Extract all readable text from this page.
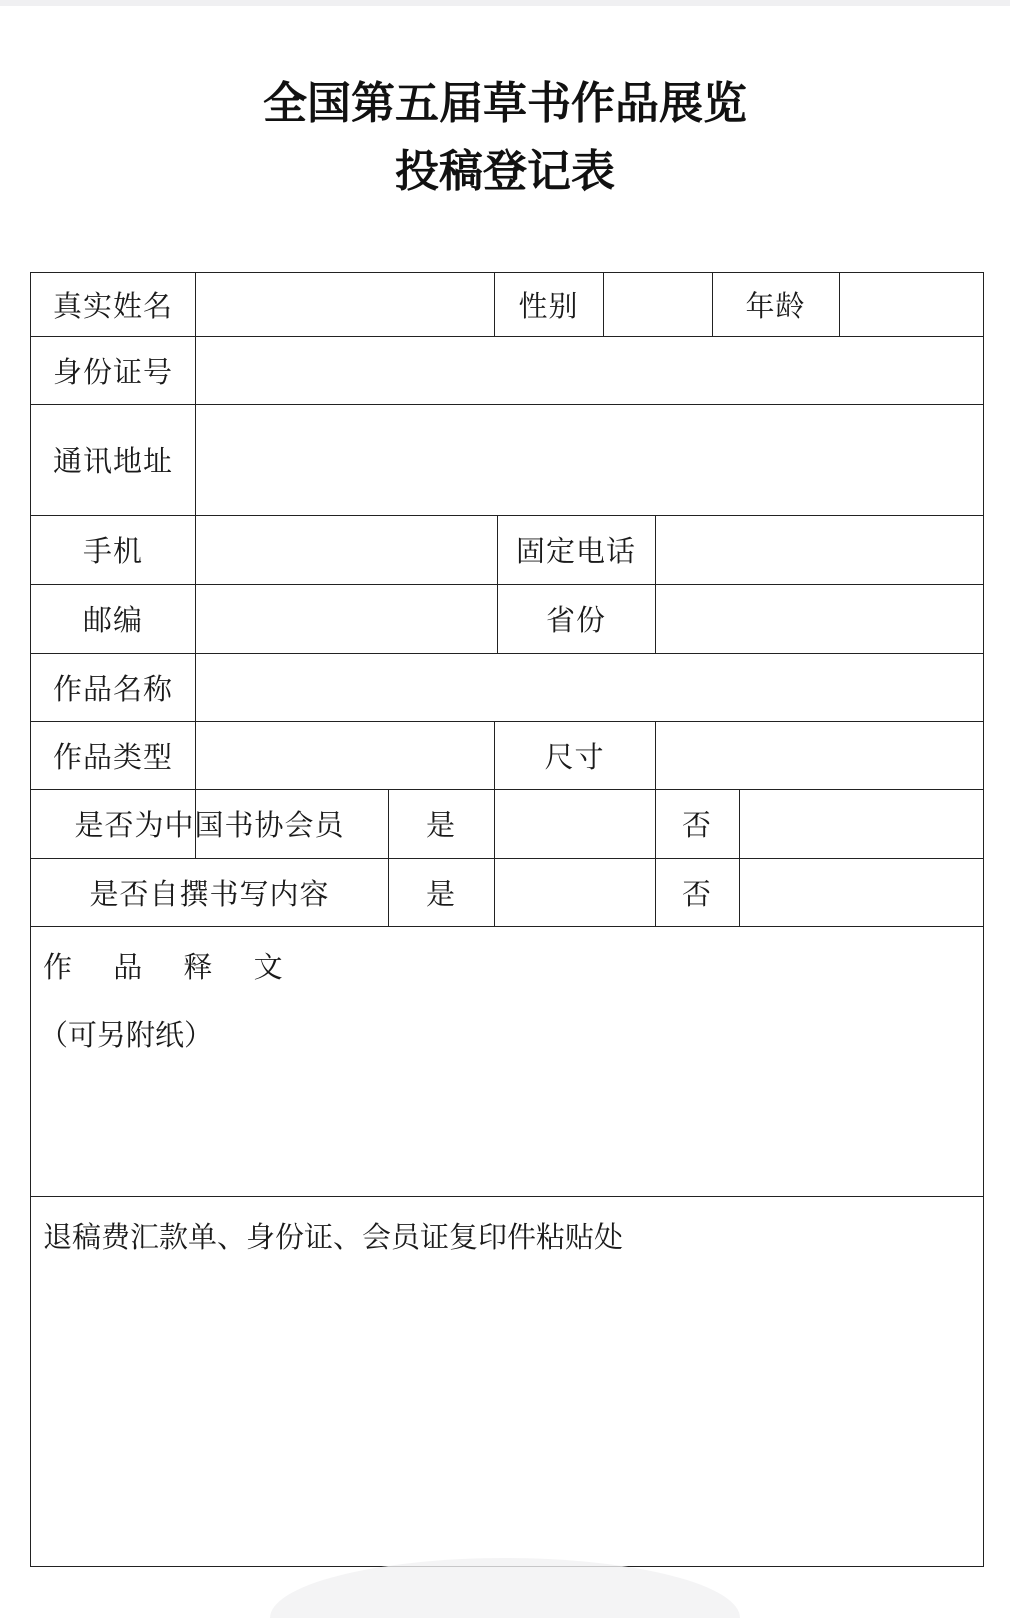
全国第五届草书作品展览
投稿登记表
真实姓名	性别	年龄
身份证号
通讯地址
手机	固定电话
邮编	省份
作品名称
作品类型	尺寸
是否为中国书协会员	是	否
是否自撰书写内容	是	否
作 品 释 文
（可另附纸）
退稿费汇款单、身份证、会员证复印件粘贴处
